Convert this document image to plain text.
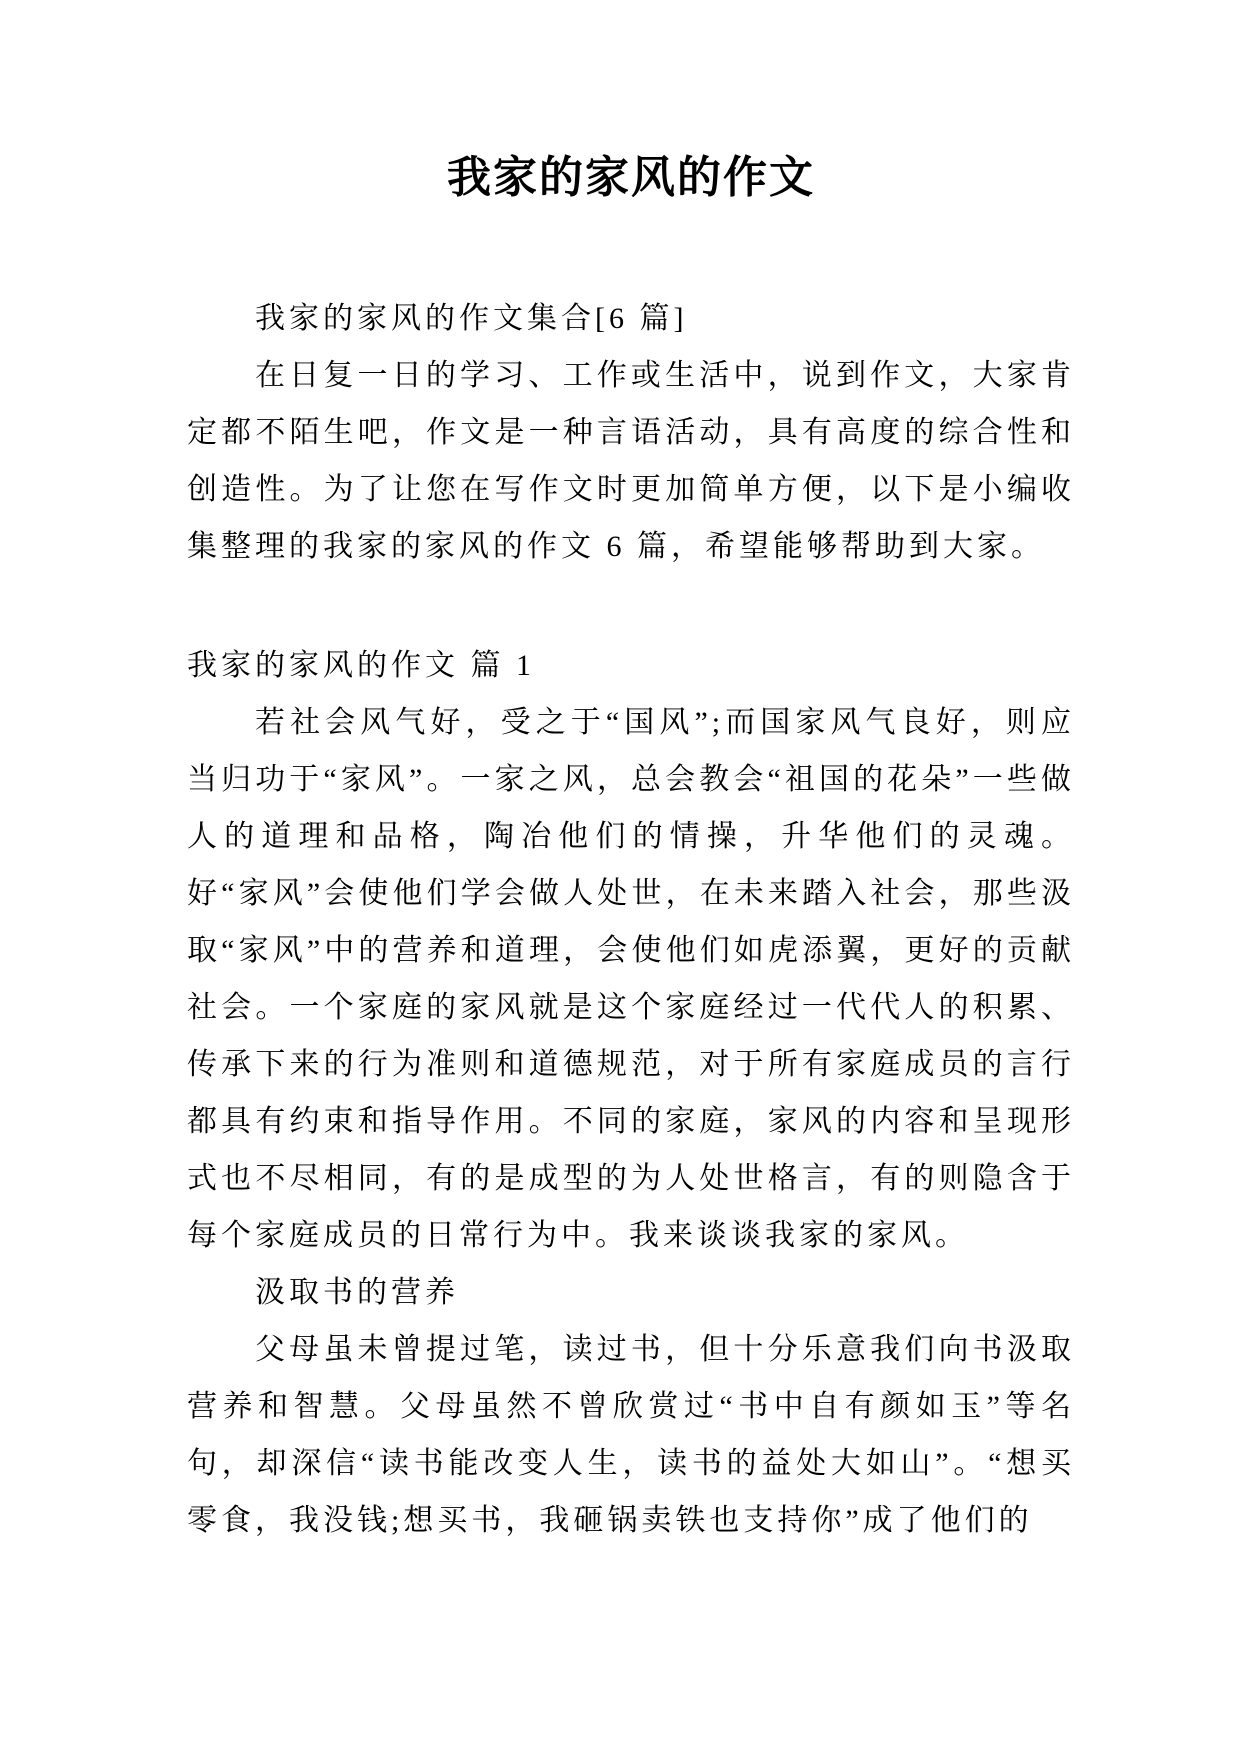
我家的家风的作文

我家的家风的作文集合[6 篇]

在日复一日的学习、工作或生活中，说到作文，大家肯定都不陌生吧，作文是一种言语活动，具有高度的综合性和创造性。为了让您在写作文时更加简单方便，以下是小编收集整理的我家的家风的作文 6 篇，希望能够帮助到大家。

我家的家风的作文 篇 1

若社会风气好，受之于“国风”;而国家风气良好，则应当归功于“家风”。一家之风，总会教会“祖国的花朵”一些做人的道理和品格，陶冶他们的情操，升华他们的灵魂。好“家风”会使他们学会做人处世，在未来踏入社会，那些汲取“家风”中的营养和道理，会使他们如虎添翼，更好的贡献社会。一个家庭的家风就是这个家庭经过一代代人的积累、传承下来的行为准则和道德规范，对于所有家庭成员的言行都具有约束和指导作用。不同的家庭，家风的内容和呈现形式也不尽相同，有的是成型的为人处世格言，有的则隐含于每个家庭成员的日常行为中。我来谈谈我家的家风。

汲取书的营养

父母虽未曾提过笔，读过书，但十分乐意我们向书汲取营养和智慧。父母虽然不曾欣赏过“书中自有颜如玉”等名句，却深信“读书能改变人生，读书的益处大如山”。“想买零食，我没钱;想买书，我砸锅卖铁也支持你”成了他们的
